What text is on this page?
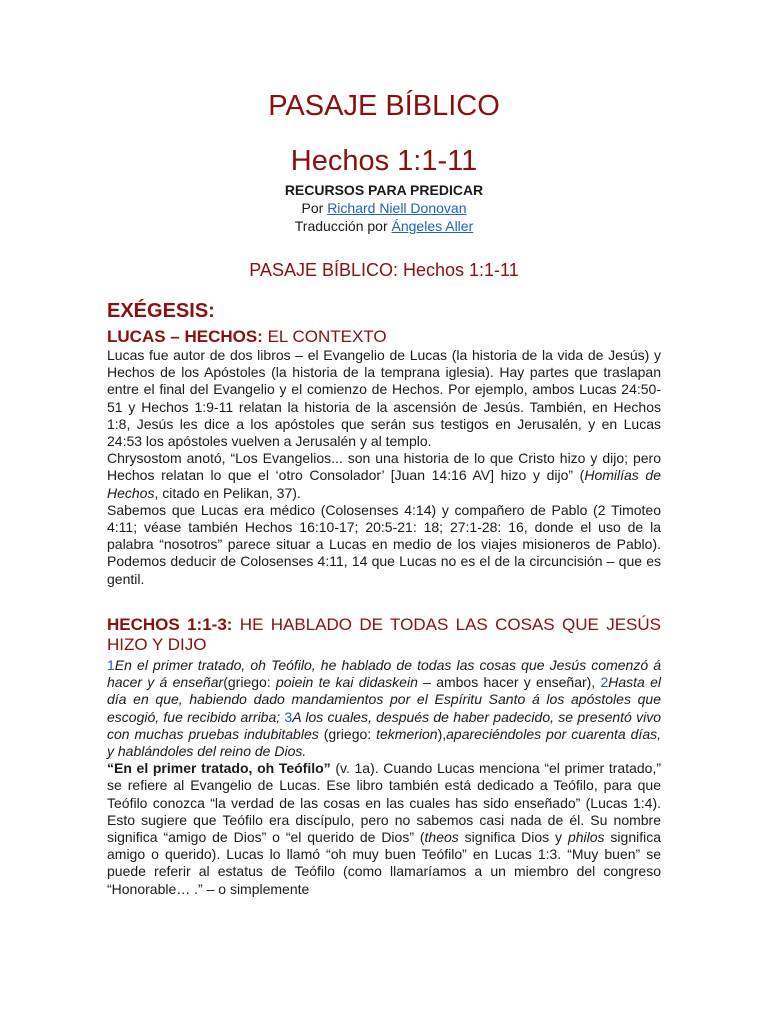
PASAJE BÍBLICO
Hechos 1:1-11
RECURSOS PARA PREDICAR
Por Richard Niell Donovan
Traducción por Ángeles Aller
PASAJE BÍBLICO: Hechos 1:1-11
EXÉGESIS:
LUCAS – HECHOS: EL CONTEXTO

Lucas fue autor de dos libros – el Evangelio de Lucas (la historia de la vida de Jesús) y Hechos de los Apóstoles (la historia de la temprana iglesia). Hay partes que traslapan entre el final del Evangelio y el comienzo de Hechos. Por ejemplo, ambos Lucas 24:50-51 y Hechos 1:9-11 relatan la historia de la ascensión de Jesús. También, en Hechos 1:8, Jesús les dice a los apóstoles que serán sus testigos en Jerusalén, y en Lucas 24:53 los apóstoles vuelven a Jerusalén y al templo.

Chrysostom anotó, “Los Evangelios... son una historia de lo que Cristo hizo y dijo; pero Hechos relatan lo que el ‘otro Consolador’ [Juan 14:16 AV] hizo y dijo” (Homilías de Hechos, citado en Pelikan, 37).

Sabemos que Lucas era médico (Colosenses 4:14) y compañero de Pablo (2 Timoteo 4:11; véase también Hechos 16:10-17; 20:5-21: 18; 27:1-28: 16, donde el uso de la palabra “nosotros” parece situar a Lucas en medio de los viajes misioneros de Pablo). Podemos deducir de Colosenses 4:11, 14 que Lucas no es el de la circuncisión – que es gentil.

HECHOS 1:1-3: HE HABLADO DE TODAS LAS COSAS QUE JESÚS HIZO Y DIJO

1En el primer tratado, oh Teófilo, he hablado de todas las cosas que Jesús comenzó á hacer y á enseñar(griego: poiein te kai didaskein – ambos hacer y enseñar), 2Hasta el día en que, habiendo dado mandamientos por el Espíritu Santo á los apóstoles que escogió, fue recibido arriba; 3A los cuales, después de haber padecido, se presentó vivo con muchas pruebas indubitables (griego: tekmerion),apareciéndoles por cuarenta días, y hablándoles del reino de Dios.

“En el primer tratado, oh Teófilo” (v. 1a). Cuando Lucas menciona “el primer tratado,” se refiere al Evangelio de Lucas. Ese libro también está dedicado a Teófilo, para que Teófilo conozca “la verdad de las cosas en las cuales has sido enseñado” (Lucas 1:4). Esto sugiere que Teófilo era discípulo, pero no sabemos casi nada de él. Su nombre significa “amigo de Dios” o “el querido de Dios” (theos significa Dios y philos significa amigo o querido). Lucas lo llamó “oh muy buen Teófilo” en Lucas 1:3. “Muy buen” se puede referir al estatus de Teófilo (como llamaríamos a un miembro del congreso “Honorable… .” – o simplemente
